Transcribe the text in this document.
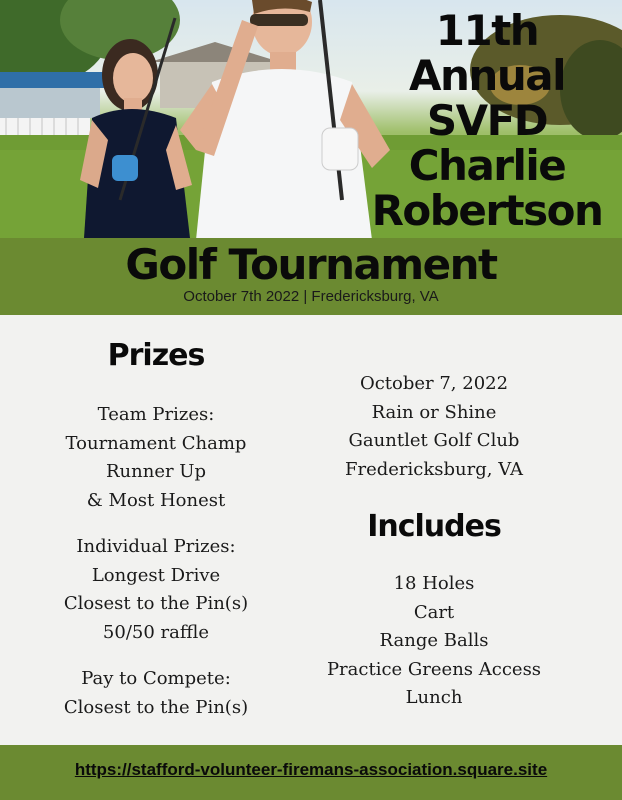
11th
Annual
SVFD
Charlie
Robertson
Golf Tournament
October 7th 2022 | Fredericksburg, VA
Prizes
Team Prizes:
Tournament Champ
Runner Up
& Most Honest
Individual Prizes:
Longest Drive
Closest to the Pin(s)
50/50 raffle
Pay to Compete:
Closest to the Pin(s)
October 7, 2022
Rain or Shine
Gauntlet Golf Club
Fredericksburg, VA
Includes
18 Holes
Cart
Range Balls
Practice Greens Access
Lunch
https://stafford-volunteer-firemans-association.square.site
